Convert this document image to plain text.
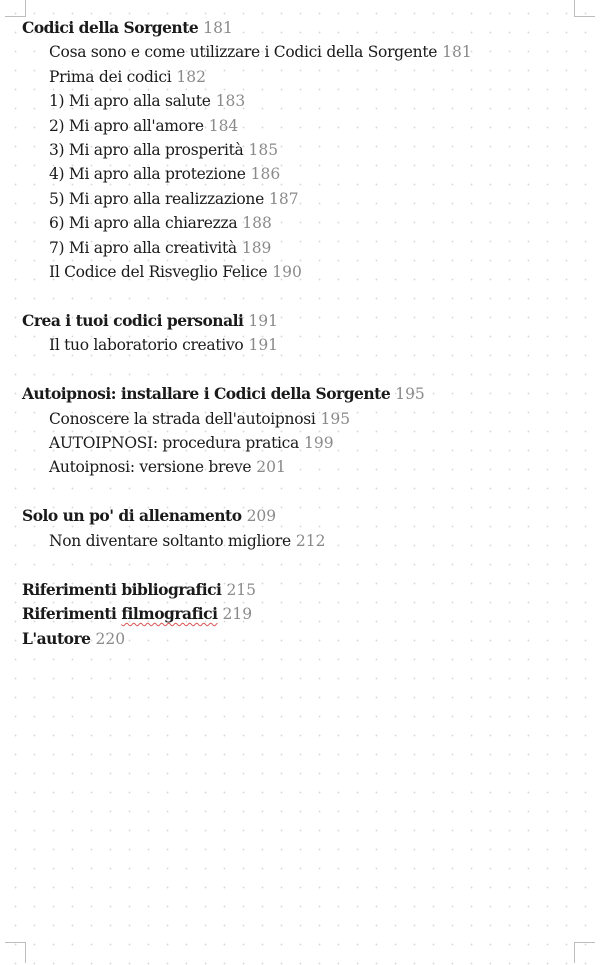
Codici della Sorgente 181
Cosa sono e come utilizzare i Codici della Sorgente 181
Prima dei codici 182
1) Mi apro alla salute 183
2) Mi apro all'amore 184
3) Mi apro alla prosperità 185
4) Mi apro alla protezione 186
5) Mi apro alla realizzazione 187
6) Mi apro alla chiarezza 188
7) Mi apro alla creatività 189
Il Codice del Risveglio Felice 190
Crea i tuoi codici personali 191
Il tuo laboratorio creativo 191
Autoipnosi: installare i Codici della Sorgente 195
Conoscere la strada dell'autoipnosi 195
AUTOIPNOSI: procedura pratica 199
Autoipnosi: versione breve 201
Solo un po' di allenamento 209
Non diventare soltanto migliore 212
Riferimenti bibliografici 215
Riferimenti filmografici 219
L'autore 220
